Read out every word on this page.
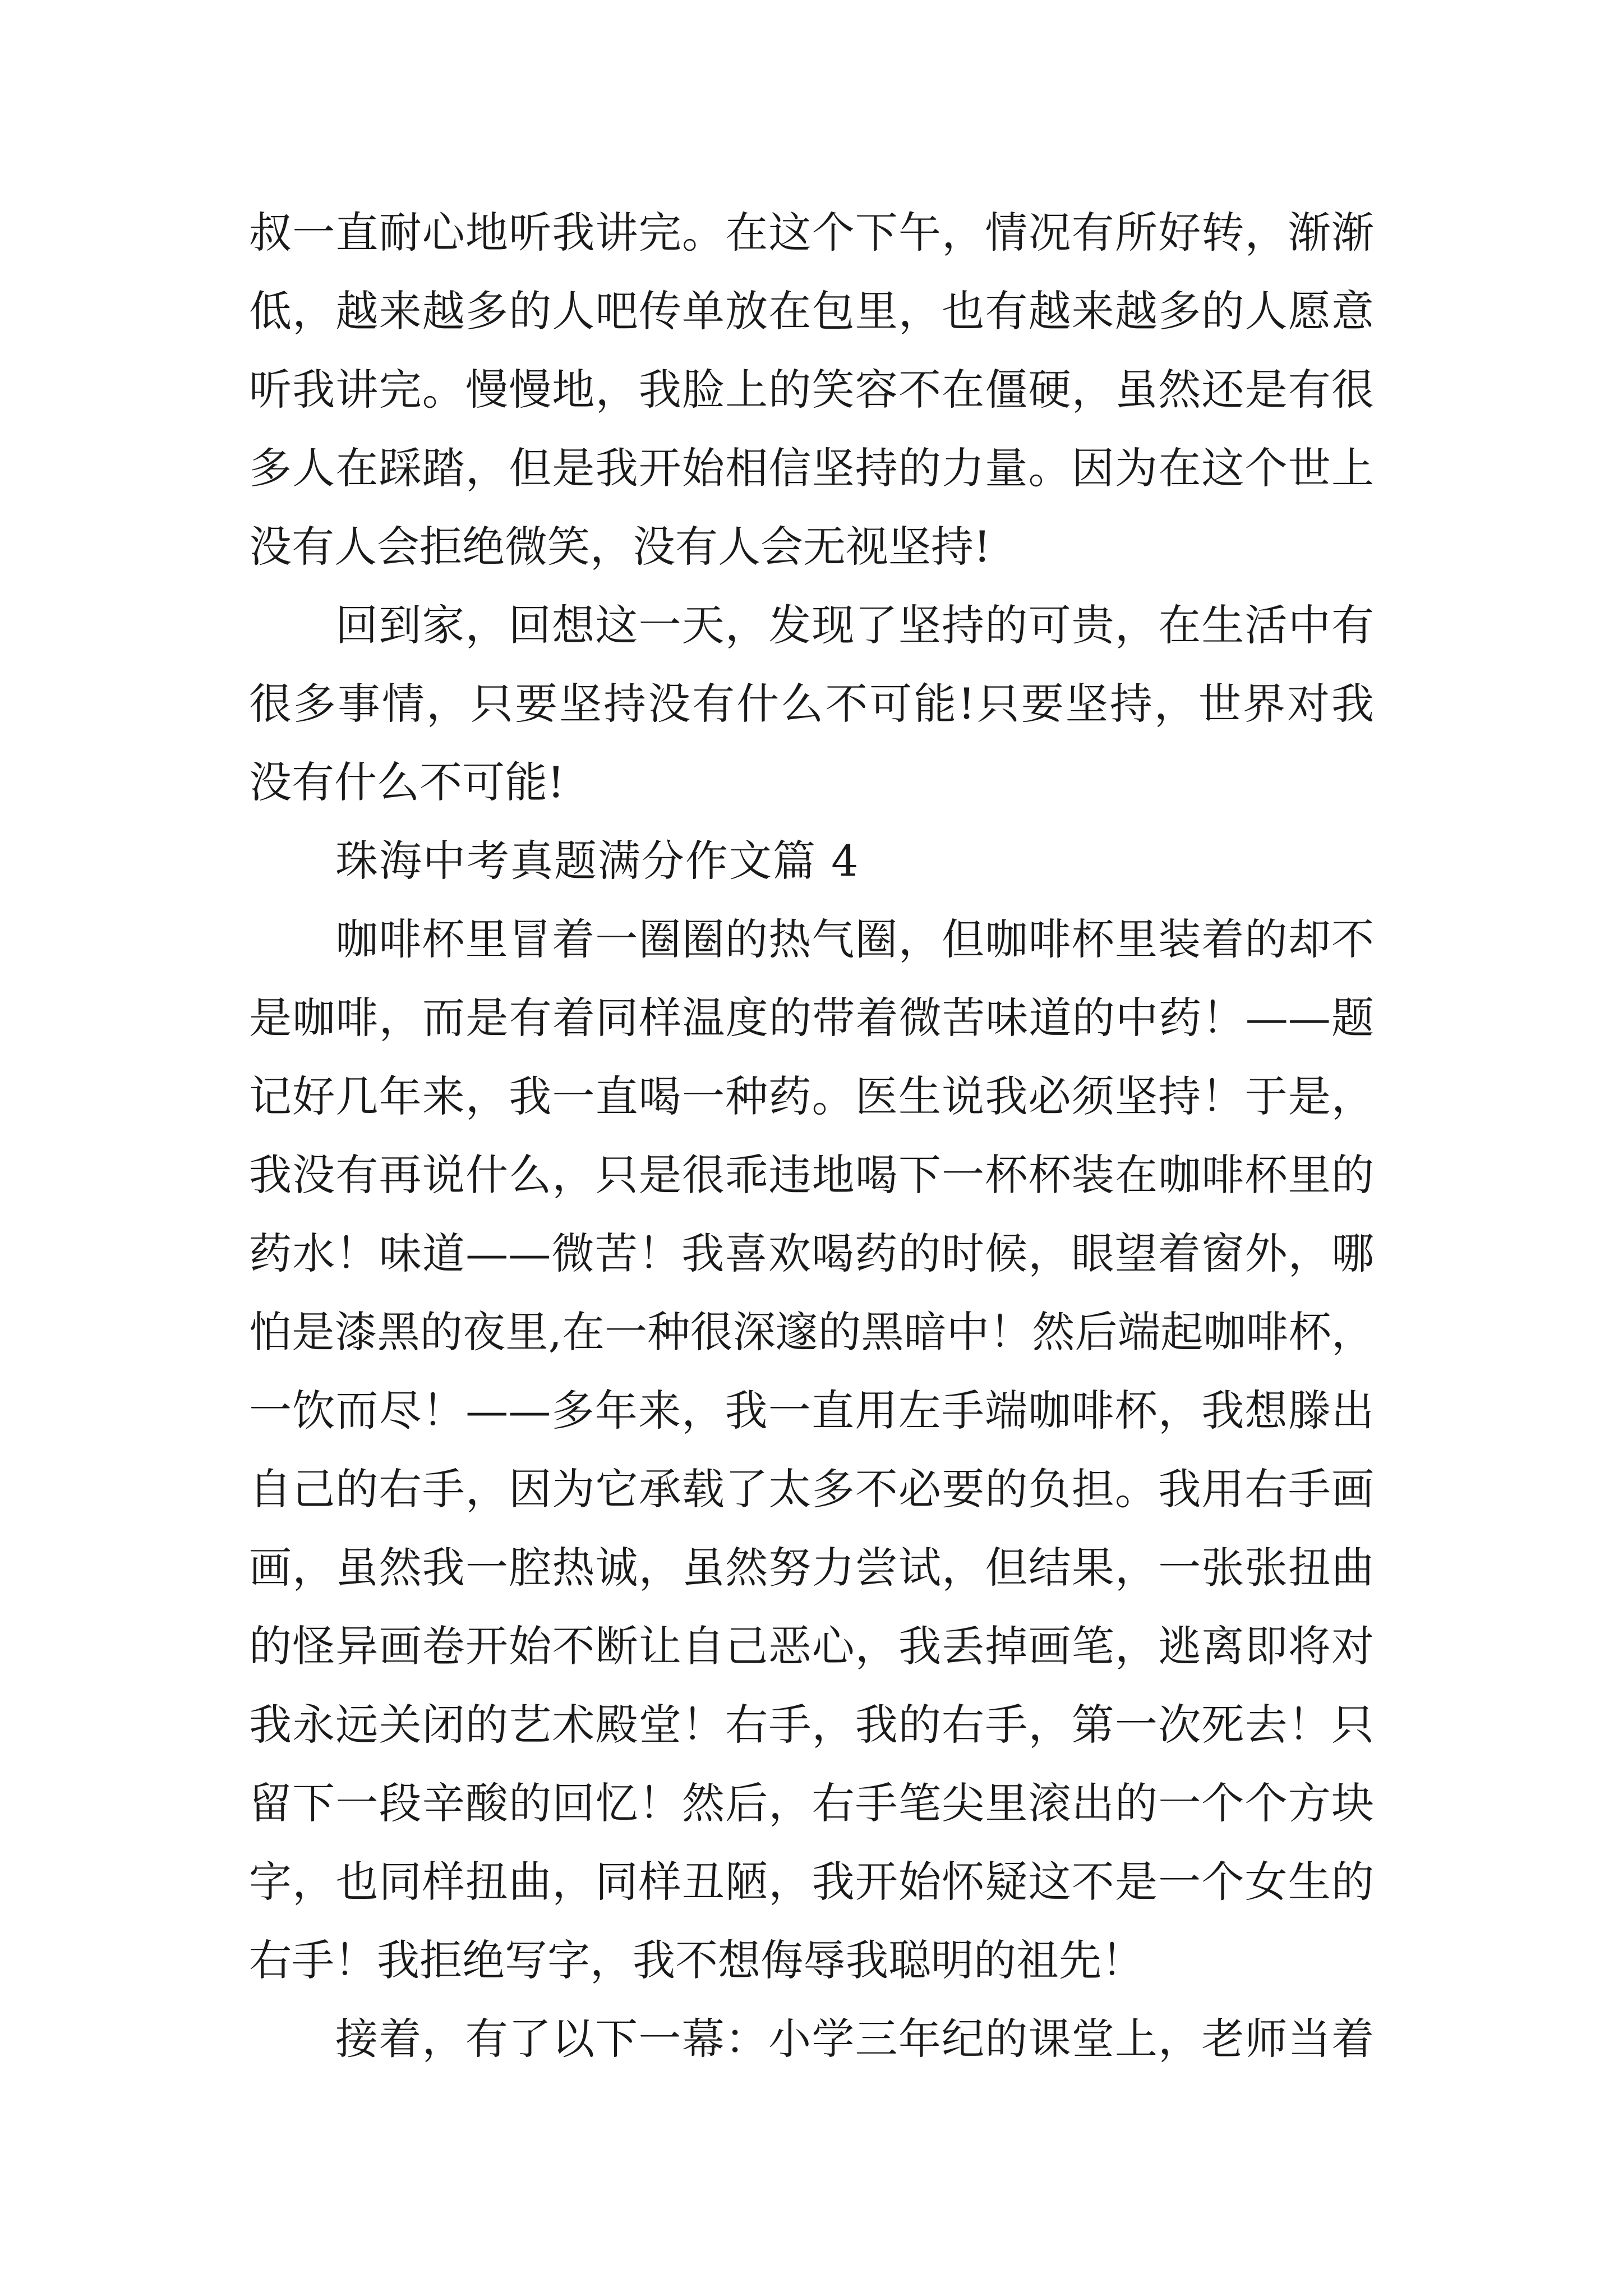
叔一直耐心地听我讲完。在这个下午，情况有所好转，渐渐
低，越来越多的人吧传单放在包里，也有越来越多的人愿意
听我讲完。慢慢地，我脸上的笑容不在僵硬，虽然还是有很
多人在踩踏，但是我开始相信坚持的力量。因为在这个世上
没有人会拒绝微笑，没有人会无视坚持!
回到家，回想这一天，发现了坚持的可贵，在生活中有
很多事情，只要坚持没有什么不可能!只要坚持，世界对我
没有什么不可能!
珠海中考真题满分作文篇 4
咖啡杯里冒着一圈圈的热气圈，但咖啡杯里装着的却不
是咖啡，而是有着同样温度的带着微苦味道的中药！——题
记好几年来，我一直喝一种药。医生说我必须坚持！于是，
我没有再说什么，只是很乖违地喝下一杯杯装在咖啡杯里的
药水！味道——微苦！我喜欢喝药的时候，眼望着窗外，哪
怕是漆黑的夜里,在一种很深邃的黑暗中！然后端起咖啡杯，
一饮而尽！——多年来，我一直用左手端咖啡杯，我想滕出
自己的右手，因为它承载了太多不必要的负担。我用右手画
画，虽然我一腔热诚，虽然努力尝试，但结果，一张张扭曲
的怪异画卷开始不断让自己恶心，我丢掉画笔，逃离即将对
我永远关闭的艺术殿堂！右手，我的右手，第一次死去！只
留下一段辛酸的回忆！然后，右手笔尖里滚出的一个个方块
字，也同样扭曲，同样丑陋，我开始怀疑这不是一个女生的
右手！我拒绝写字，我不想侮辱我聪明的祖先！
接着，有了以下一幕：小学三年纪的课堂上，老师当着
